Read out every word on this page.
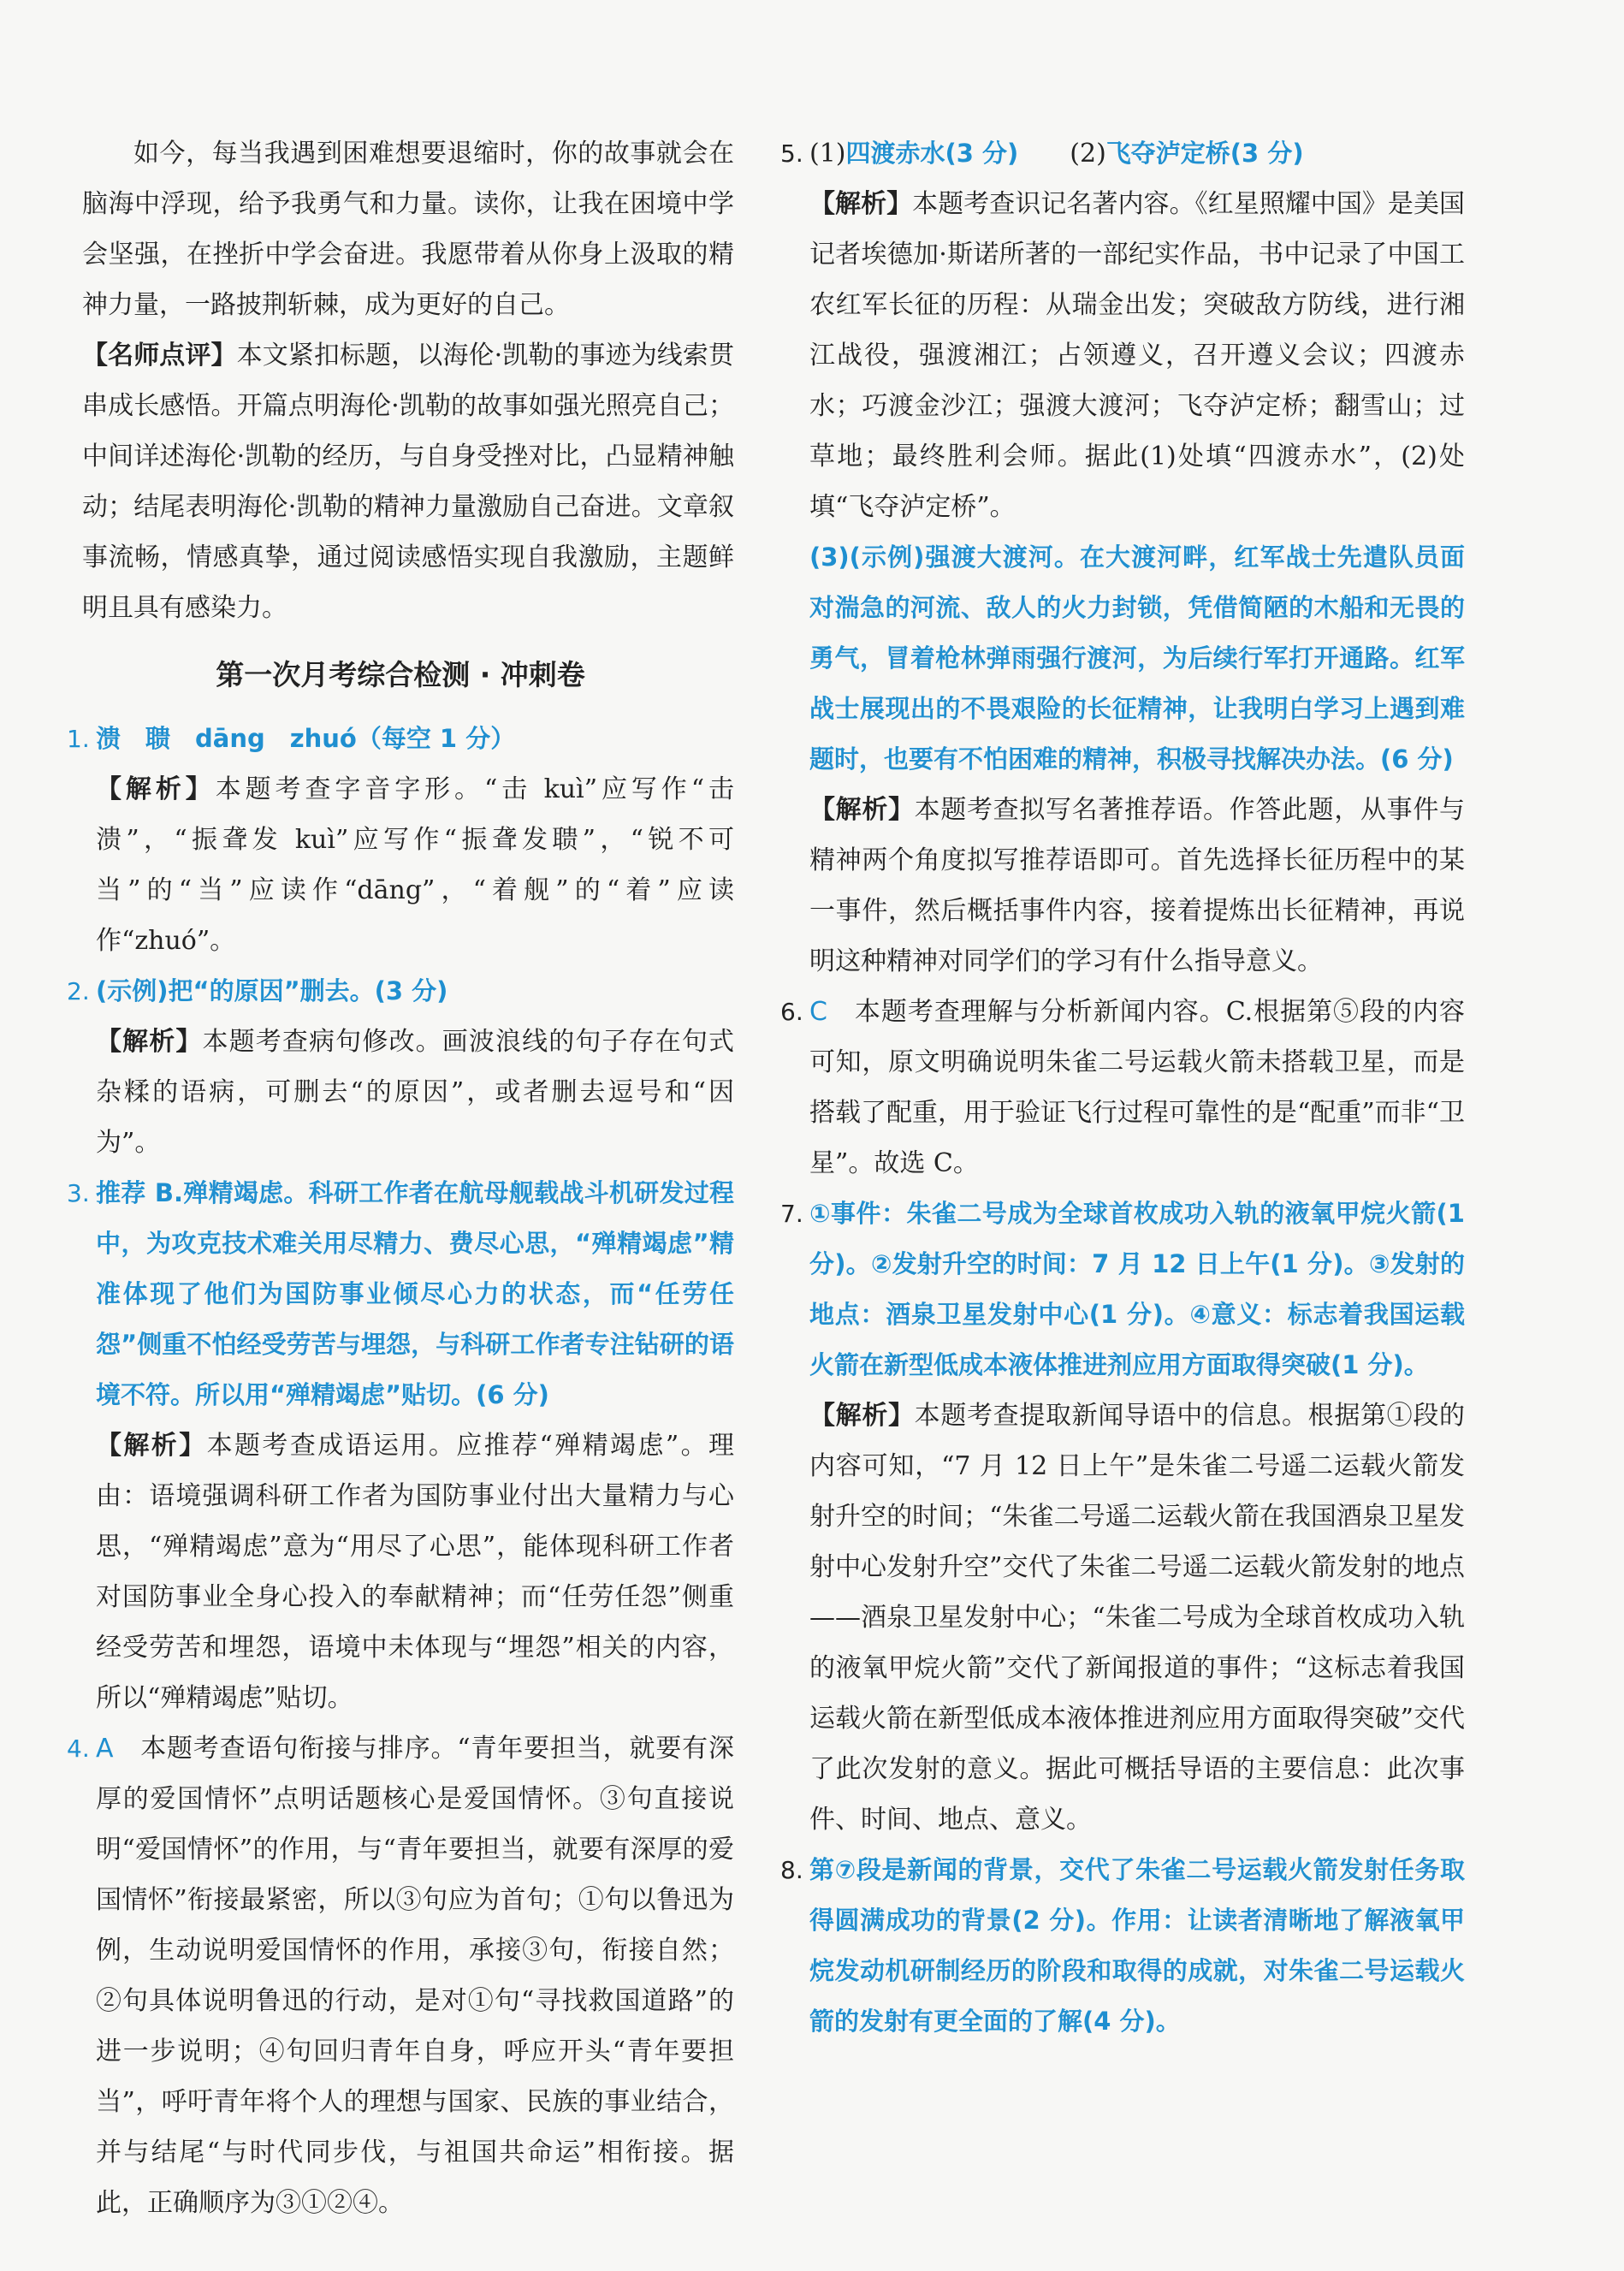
如今，每当我遇到困难想要退缩时，你的故事就会在脑海中浮现，给予我勇气和力量。读你，让我在困境中学会坚强，在挫折中学会奋进。我愿带着从你身上汲取的精神力量，一路披荆斩棘，成为更好的自己。

【名师点评】本文紧扣标题，以海伦·凯勒的事迹为线索贯串成长感悟。开篇点明海伦·凯勒的故事如强光照亮自己；中间详述海伦·凯勒的经历，与自身受挫对比，凸显精神触动；结尾表明海伦·凯勒的精神力量激励自己奋进。文章叙事流畅，情感真挚，通过阅读感悟实现自我激励，主题鲜明且具有感染力。

第一次月考综合检测 · 冲刺卷
1. 溃　聩　dāng　zhuó（每空 1 分）

【解析】本题考查字音字形。“击 kuì”应写作“击溃”，“振聋发 kuì”应写作“振聋发聩”，“锐不可当”的“当”应读作“dāng”，“着舰”的“着”应读作“zhuó”。

2. (示例)把“的原因”删去。(3 分)

【解析】本题考查病句修改。画波浪线的句子存在句式杂糅的语病，可删去“的原因”，或者删去逗号和“因为”。

3. 推荐 B.殚精竭虑。科研工作者在航母舰载战斗机研发过程中，为攻克技术难关用尽精力、费尽心思，“殚精竭虑”精准体现了他们为国防事业倾尽心力的状态，而“任劳任怨”侧重不怕经受劳苦与埋怨，与科研工作者专注钻研的语境不符。所以用“殚精竭虑”贴切。(6 分)

【解析】本题考查成语运用。应推荐“殚精竭虑”。理由：语境强调科研工作者为国防事业付出大量精力与心思，“殚精竭虑”意为“用尽了心思”，能体现科研工作者对国防事业全身心投入的奉献精神；而“任劳任怨”侧重经受劳苦和埋怨，语境中未体现与“埋怨”相关的内容，所以“殚精竭虑”贴切。

4. A　 本题考查语句衔接与排序。“青年要担当，就要有深厚的爱国情怀”点明话题核心是爱国情怀。③句直接说明“爱国情怀”的作用，与“青年要担当，就要有深厚的爱国情怀”衔接最紧密，所以③句应为首句；①句以鲁迅为例，生动说明爱国情怀的作用，承接③句，衔接自然；②句具体说明鲁迅的行动，是对①句“寻找救国道路”的进一步说明；④句回归青年自身，呼应开头“青年要担当”，呼吁青年将个人的理想与国家、民族的事业结合，并与结尾“与时代同步伐，与祖国共命运”相衔接。据此，正确顺序为③①②④。

5. (1)四渡赤水(3 分)　　 (2)飞夺泸定桥(3 分)

【解析】本题考查识记名著内容。《红星照耀中国》是美国记者埃德加·斯诺所著的一部纪实作品，书中记录了中国工农红军长征的历程：从瑞金出发；突破敌方防线，进行湘江战役，强渡湘江；占领遵义，召开遵义会议；四渡赤水；巧渡金沙江；强渡大渡河；飞夺泸定桥；翻雪山；过草地；最终胜利会师。据此(1)处填“四渡赤水”，(2)处填“飞夺泸定桥”。

(3)(示例)强渡大渡河。在大渡河畔，红军战士先遣队员面对湍急的河流、敌人的火力封锁，凭借简陋的木船和无畏的勇气，冒着枪林弹雨强行渡河，为后续行军打开通路。红军战士展现出的不畏艰险的长征精神，让我明白学习上遇到难题时，也要有不怕困难的精神，积极寻找解决办法。(6 分)

【解析】本题考查拟写名著推荐语。作答此题，从事件与精神两个角度拟写推荐语即可。首先选择长征历程中的某一事件，然后概括事件内容，接着提炼出长征精神，再说明这种精神对同学们的学习有什么指导意义。

6. C　 本题考查理解与分析新闻内容。C.根据第⑤段的内容可知，原文明确说明朱雀二号运载火箭未搭载卫星，而是搭载了配重，用于验证飞行过程可靠性的是“配重”而非“卫星”。故选 C。

7. ①事件：朱雀二号成为全球首枚成功入轨的液氧甲烷火箭(1 分)。②发射升空的时间：7 月 12 日上午(1 分)。③发射的地点：酒泉卫星发射中心(1 分)。④意义：标志着我国运载火箭在新型低成本液体推进剂应用方面取得突破(1 分)。

【解析】本题考查提取新闻导语中的信息。根据第①段的内容可知，“7 月 12 日上午”是朱雀二号遥二运载火箭发射升空的时间；“朱雀二号遥二运载火箭在我国酒泉卫星发射中心发射升空”交代了朱雀二号遥二运载火箭发射的地点——酒泉卫星发射中心；“朱雀二号成为全球首枚成功入轨的液氧甲烷火箭”交代了新闻报道的事件；“这标志着我国运载火箭在新型低成本液体推进剂应用方面取得突破”交代了此次发射的意义。据此可概括导语的主要信息：此次事件、时间、地点、意义。

8. 第⑦段是新闻的背景，交代了朱雀二号运载火箭发射任务取得圆满成功的背景(2 分)。作用：让读者清晰地了解液氧甲烷发动机研制经历的阶段和取得的成就，对朱雀二号运载火箭的发射有更全面的了解(4 分)。
